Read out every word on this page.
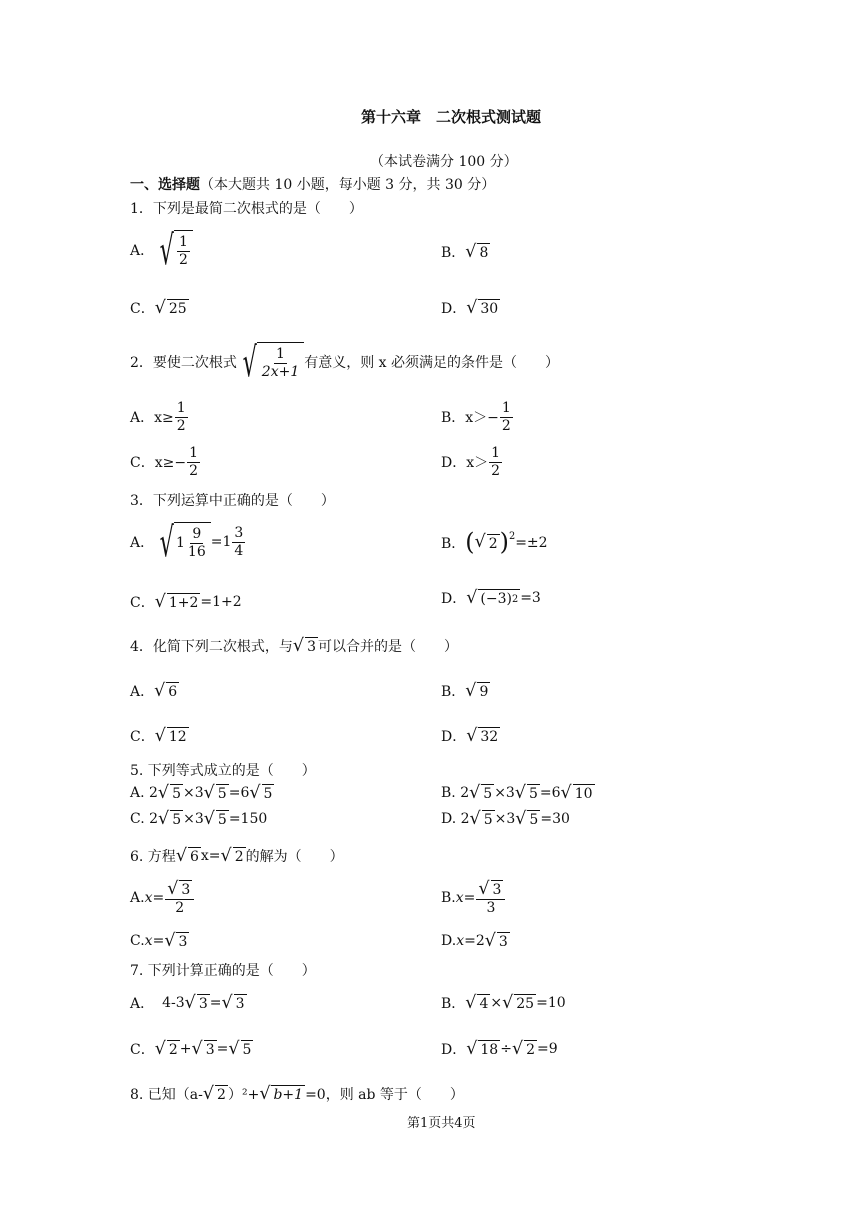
第十六章　二次根式测试题
（本试卷满分 100 分）
一、选择题（本大题共 10 小题，每小题 3 分，共 30 分）
1．下列是最简二次根式的是（　　）
A． √ $\frac{1}{2}$	B． √ 8
C． √ 25	D． √ 30
2．要使二次根式 √ $\frac{1}{2x+1}$ 有意义，则 x 必须满足的条件是（　　）
A．$x\ge \frac{1}{2}$	B．$x>- \frac{1}{2}$
C．$x\ge- \frac{1}{2}$	D．$x> \frac{1}{2}$
3．下列运算中正确的是（　　）
A． √ $1 \frac{9}{16} =1 \frac{3}{4}$	B． ( √ 2 )$^2$ =±2
C． √ 1+2 =1+2	D． √ (−3) 2 =3
4．化简下列二次根式，与 √ 3 可以合并的是（　　）
A． √ 6	B． √ 9
C． √ 12	D． √ 32
5. 下列等式成立的是（　　）
A. 2 √ 5 ×3 √ 5 =6 √ 5	B. 2 √ 5 ×3 √ 5 =6 √ 10
C. 2 √ 5 ×3 √ 5 =150	D. 2 √ 5 ×3 √ 5 =30
6. 方程 √ 6 x= √ 2 的解为（　　）
A. $x = \frac{√ 3}{2}$	B. $x = \frac{√ 3}{3}$
C. x = √ 3	D. x =2 √ 3
7. 下列计算正确的是（　　）
A． 4-3 √ 3 = √ 3	B． √ 4 × √ 25 =10
C． √ 2 + √ 3 = √ 5	D． √ 18 ÷ √ 2 =9
8. 已知（a- √ 2 ）²+ √ b+1 =0，则 ab 等于（　　）
第1页共4页
